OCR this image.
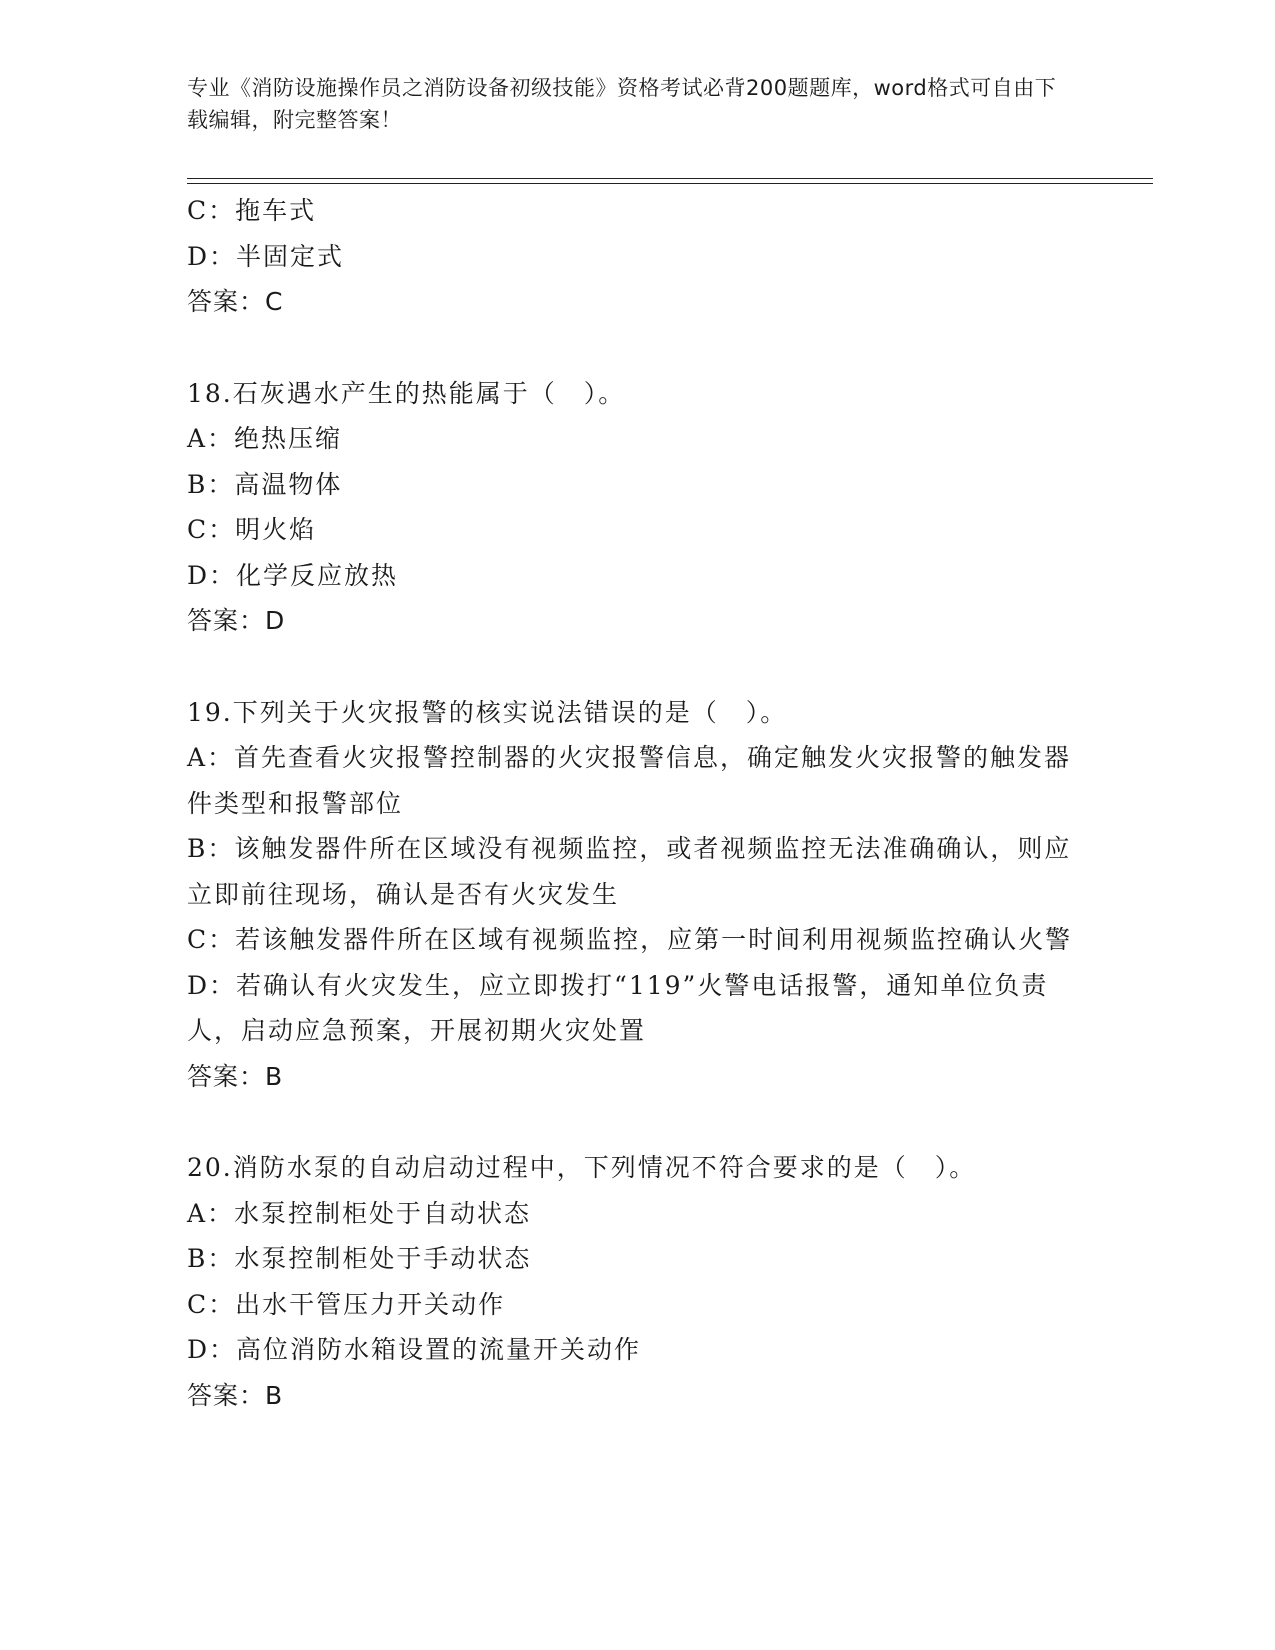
专业《消防设施操作员之消防设备初级技能》资格考试必背200题题库，word格式可自由下载编辑，附完整答案！
C：拖车式
D：半固定式
答案：C
18.石灰遇水产生的热能属于（　）。
A：绝热压缩
B：高温物体
C：明火焰
D：化学反应放热
答案：D
19.下列关于火灾报警的核实说法错误的是（　）。
A：首先查看火灾报警控制器的火灾报警信息，确定触发火灾报警的触发器件类型和报警部位
B：该触发器件所在区域没有视频监控，或者视频监控无法准确确认，则应立即前往现场，确认是否有火灾发生
C：若该触发器件所在区域有视频监控，应第一时间利用视频监控确认火警
D：若确认有火灾发生，应立即拨打“119”火警电话报警，通知单位负责人，启动应急预案，开展初期火灾处置
答案：B
20.消防水泵的自动启动过程中，下列情况不符合要求的是（　）。
A：水泵控制柜处于自动状态
B：水泵控制柜处于手动状态
C：出水干管压力开关动作
D：高位消防水箱设置的流量开关动作
答案：B
